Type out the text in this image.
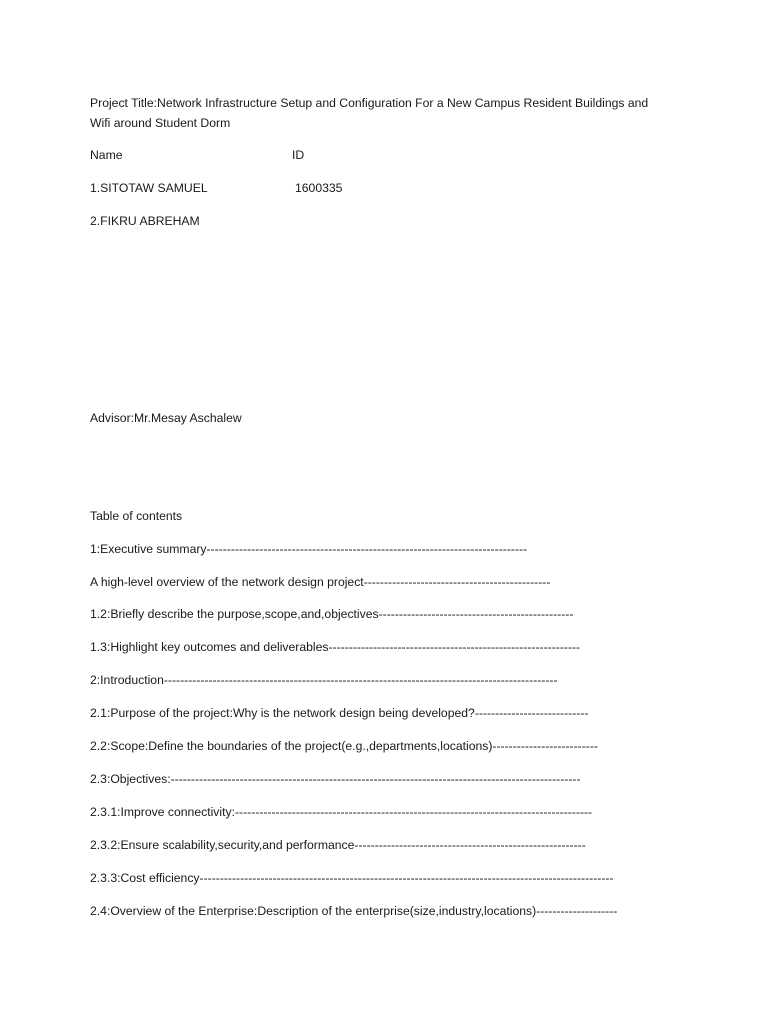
Project Title:Network Infrastructure Setup and Configuration For a New Campus Resident Buildings and
Wifi around Student Dorm
Name	ID
1.SITOTAW SAMUEL	1600335
2.FIKRU ABREHAM
Advisor:Mr.Mesay Aschalew
Table of contents
1:Executive summary-------------------------------------------------------------------------------
A high-level overview of the network design project----------------------------------------------
1.2:Briefly describe the purpose,scope,and,objectives------------------------------------------------
1.3:Highlight key outcomes and deliverables--------------------------------------------------------------
2:Introduction-------------------------------------------------------------------------------------------------
2.1:Purpose of the project:Why is the network design being developed?----------------------------
2.2:Scope:Define the boundaries of the project(e.g.,departments,locations)--------------------------
2.3:Objectives:-----------------------------------------------------------------------------------------------------
2.3.1:Improve connectivity:----------------------------------------------------------------------------------------
2.3.2:Ensure scalability,security,and performance---------------------------------------------------------
2.3.3:Cost efficiency------------------------------------------------------------------------------------------------------
2.4:Overview of the Enterprise:Description of the enterprise(size,industry,locations)--------------------
